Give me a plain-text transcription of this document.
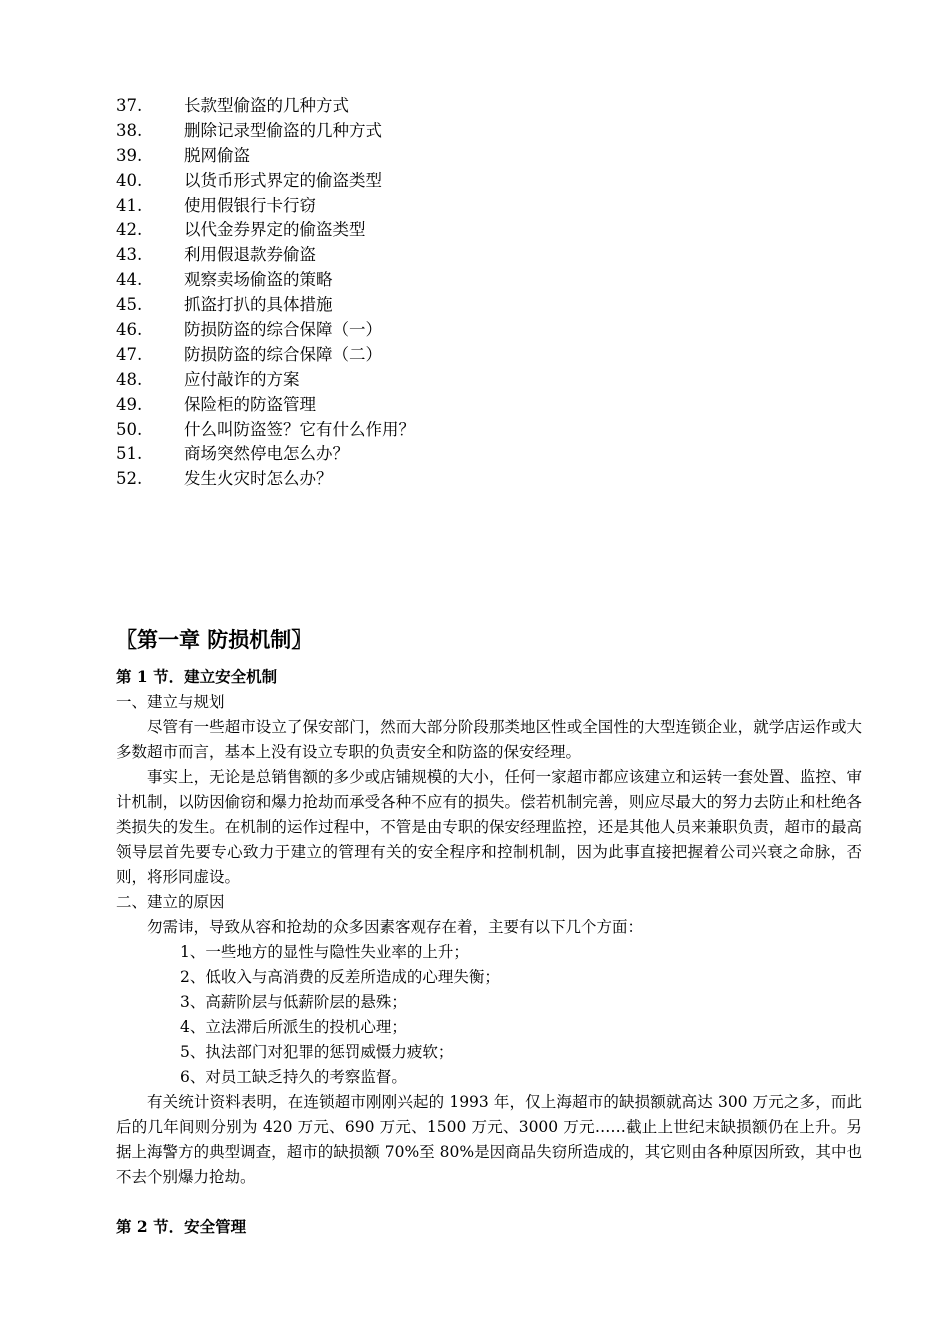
37.	长款型偷盗的几种方式
38.	删除记录型偷盗的几种方式
39.	脱网偷盗
40.	以货币形式界定的偷盗类型
41.	使用假银行卡行窃
42.	以代金券界定的偷盗类型
43.	利用假退款券偷盗
44.	观察卖场偷盗的策略
45.	抓盗打扒的具体措施
46.	防损防盗的综合保障（一）
47.	防损防盗的综合保障（二）
48.	应付敲诈的方案
49.	保险柜的防盗管理
50.	什么叫防盗签？它有什么作用？
51.	商场突然停电怎么办？
52.	发生火灾时怎么办？
〖第一章 防损机制〗
第 1 节．建立安全机制
一、建立与规划

尽管有一些超市设立了保安部门，然而大部分阶段那类地区性或全国性的大型连锁企业，就学店运作或大多数超市而言，基本上没有设立专职的负责安全和防盗的保安经理。

事实上，无论是总销售额的多少或店铺规模的大小，任何一家超市都应该建立和运转一套处置、监控、审计机制，以防因偷窃和爆力抢劫而承受各种不应有的损失。偿若机制完善，则应尽最大的努力去防止和杜绝各类损失的发生。在机制的运作过程中，不管是由专职的保安经理监控，还是其他人员来兼职负责，超市的最高领导层首先要专心致力于建立的管理有关的安全程序和控制机制，因为此事直接把握着公司兴衰之命脉，否则，将形同虚设。

二、建立的原因

勿需讳，导致从容和抢劫的众多因素客观存在着，主要有以下几个方面：

1、一些地方的显性与隐性失业率的上升；
2、低收入与高消费的反差所造成的心理失衡；
3、高薪阶层与低薪阶层的悬殊；
4、立法滞后所派生的投机心理；
5、执法部门对犯罪的惩罚威慑力疲软；
6、对员工缺乏持久的考察监督。

有关统计资料表明，在连锁超市刚刚兴起的 1993 年，仅上海超市的缺损额就高达 300 万元之多，而此后的几年间则分别为 420 万元、690 万元、1500 万元、3000 万元……截止上世纪末缺损额仍在上升。另据上海警方的典型调查，超市的缺损额 70%至 80%是因商品失窃所造成的，其它则由各种原因所致，其中也不去个别爆力抢劫。

第 2 节．安全管理
